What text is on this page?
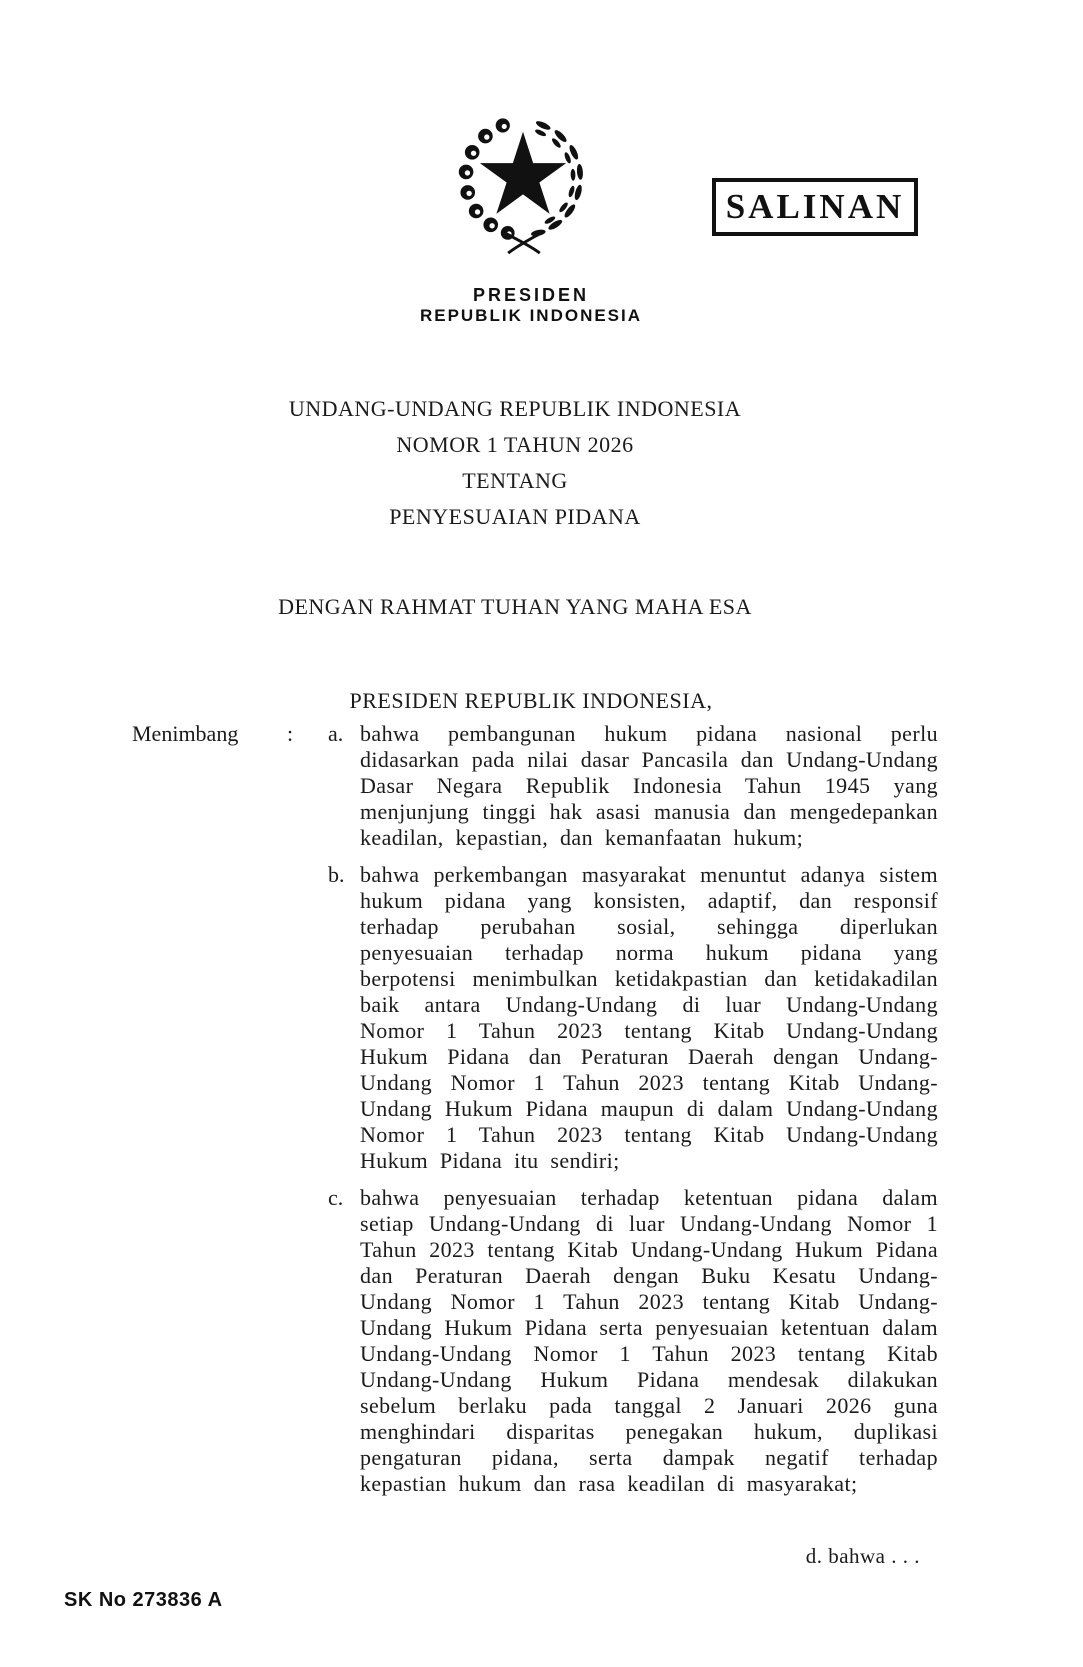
SALINAN
PRESIDEN
REPUBLIK INDONESIA
UNDANG-UNDANG REPUBLIK INDONESIA
NOMOR 1 TAHUN 2026
TENTANG
PENYESUAIAN PIDANA
DENGAN RAHMAT TUHAN YANG MAHA ESA
PRESIDEN REPUBLIK INDONESIA,
Menimbang	:	a. bahwa pembangunan hukum pidana nasional perlu didasarkan pada nilai dasar Pancasila dan Undang-Undang Dasar Negara Republik Indonesia Tahun 1945 yang menjunjung tinggi hak asasi manusia dan mengedepankan keadilan, kepastian, dan kemanfaatan hukum;
b. bahwa perkembangan masyarakat menuntut adanya sistem hukum pidana yang konsisten, adaptif, dan responsif terhadap perubahan sosial, sehingga diperlukan penyesuaian terhadap norma hukum pidana yang berpotensi menimbulkan ketidakpastian dan ketidakadilan baik antara Undang-Undang di luar Undang-Undang Nomor 1 Tahun 2023 tentang Kitab Undang-Undang Hukum Pidana dan Peraturan Daerah dengan Undang-Undang Nomor 1 Tahun 2023 tentang Kitab Undang-Undang Hukum Pidana maupun di dalam Undang-Undang Nomor 1 Tahun 2023 tentang Kitab Undang-Undang Hukum Pidana itu sendiri;
c. bahwa penyesuaian terhadap ketentuan pidana dalam setiap Undang-Undang di luar Undang-Undang Nomor 1 Tahun 2023 tentang Kitab Undang-Undang Hukum Pidana dan Peraturan Daerah dengan Buku Kesatu Undang-Undang Nomor 1 Tahun 2023 tentang Kitab Undang-Undang Hukum Pidana serta penyesuaian ketentuan dalam Undang-Undang Nomor 1 Tahun 2023 tentang Kitab Undang-Undang Hukum Pidana mendesak dilakukan sebelum berlaku pada tanggal 2 Januari 2026 guna menghindari disparitas penegakan hukum, duplikasi pengaturan pidana, serta dampak negatif terhadap kepastian hukum dan rasa keadilan di masyarakat;
d. bahwa . . .
SK No 273836 A
